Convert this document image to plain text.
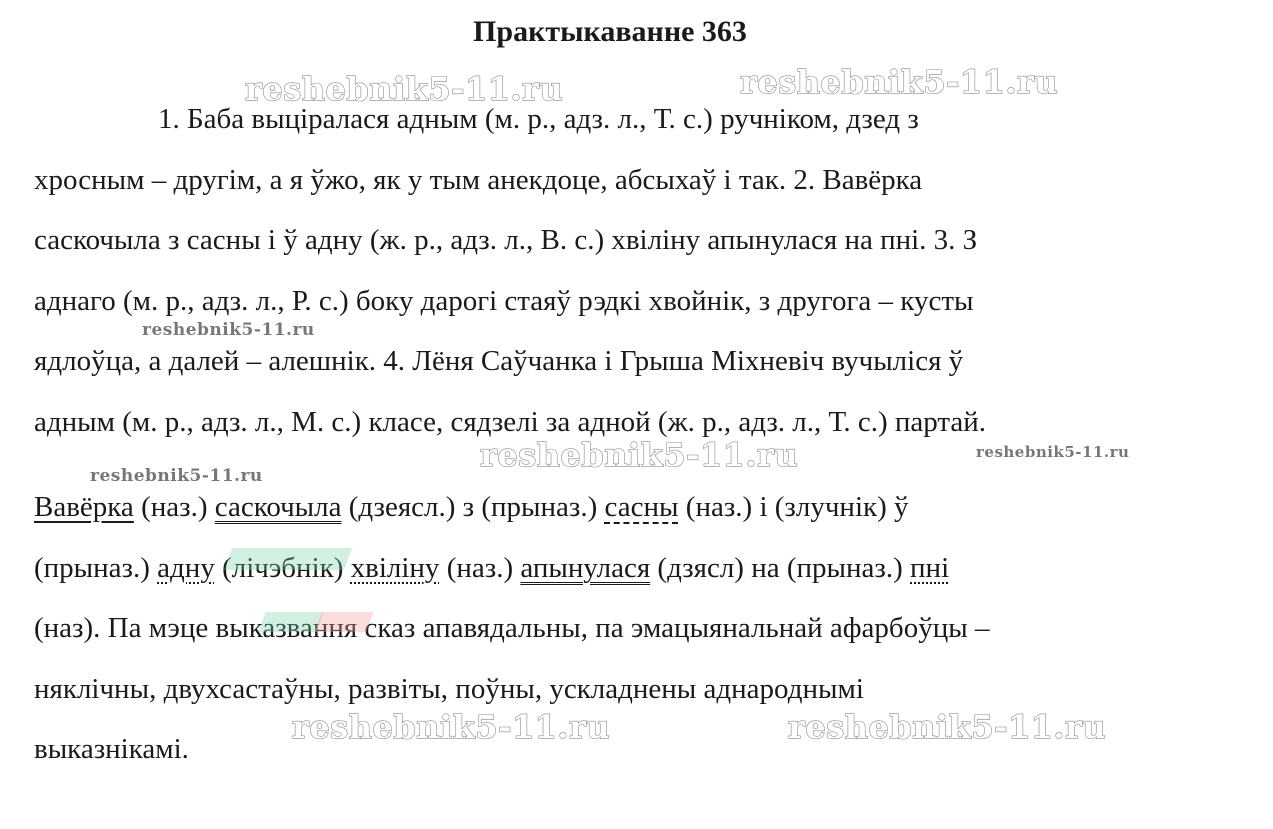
Практыкаванне 363
1. Баба выціралася адным (м. р., адз. л., Т. с.) ручніком, дзед з
хросным – другім, а я ўжо, як у тым анекдоце, абсыхаў і так. 2. Вавёрка
саскочыла з сасны і ў адну (ж. р., адз. л., В. с.) хвіліну апынулася на пні. 3. З
аднаго (м. р., адз. л., Р. с.) боку дарогі стаяў рэдкі хвойнік, з другога – кусты
ядлоўца, а далей – алешнік. 4. Лёня Саўчанка і Грыша Міхневіч вучыліся ў
адным (м. р., адз. л., М. с.) класе, сядзелі за адной (ж. р., адз. л., Т. с.) партай.
Вавёрка (наз.) саскочыла (дзеясл.) з (прыназ.) сасны (наз.) і (злучнік) ў
(прыназ.) адну (лічэбнік) хвіліну (наз.) апынулася (дзясл) на (прыназ.) пні
(наз). Па мэце выказвання сказ апавядальны, па эмацыянальнай афарбоўцы –
няклічны, двухсастаўны, развіты, поўны, ускладнены аднароднымі
выказнікамі.
reshebnik5-11.ru	reshebnik5-11.ru
reshebnik5-11.ru
reshebnik5-11.ru
reshebnik5-11.ru
reshebnik5-11.ru
reshebnik5-11.ru	reshebnik5-11.ru
